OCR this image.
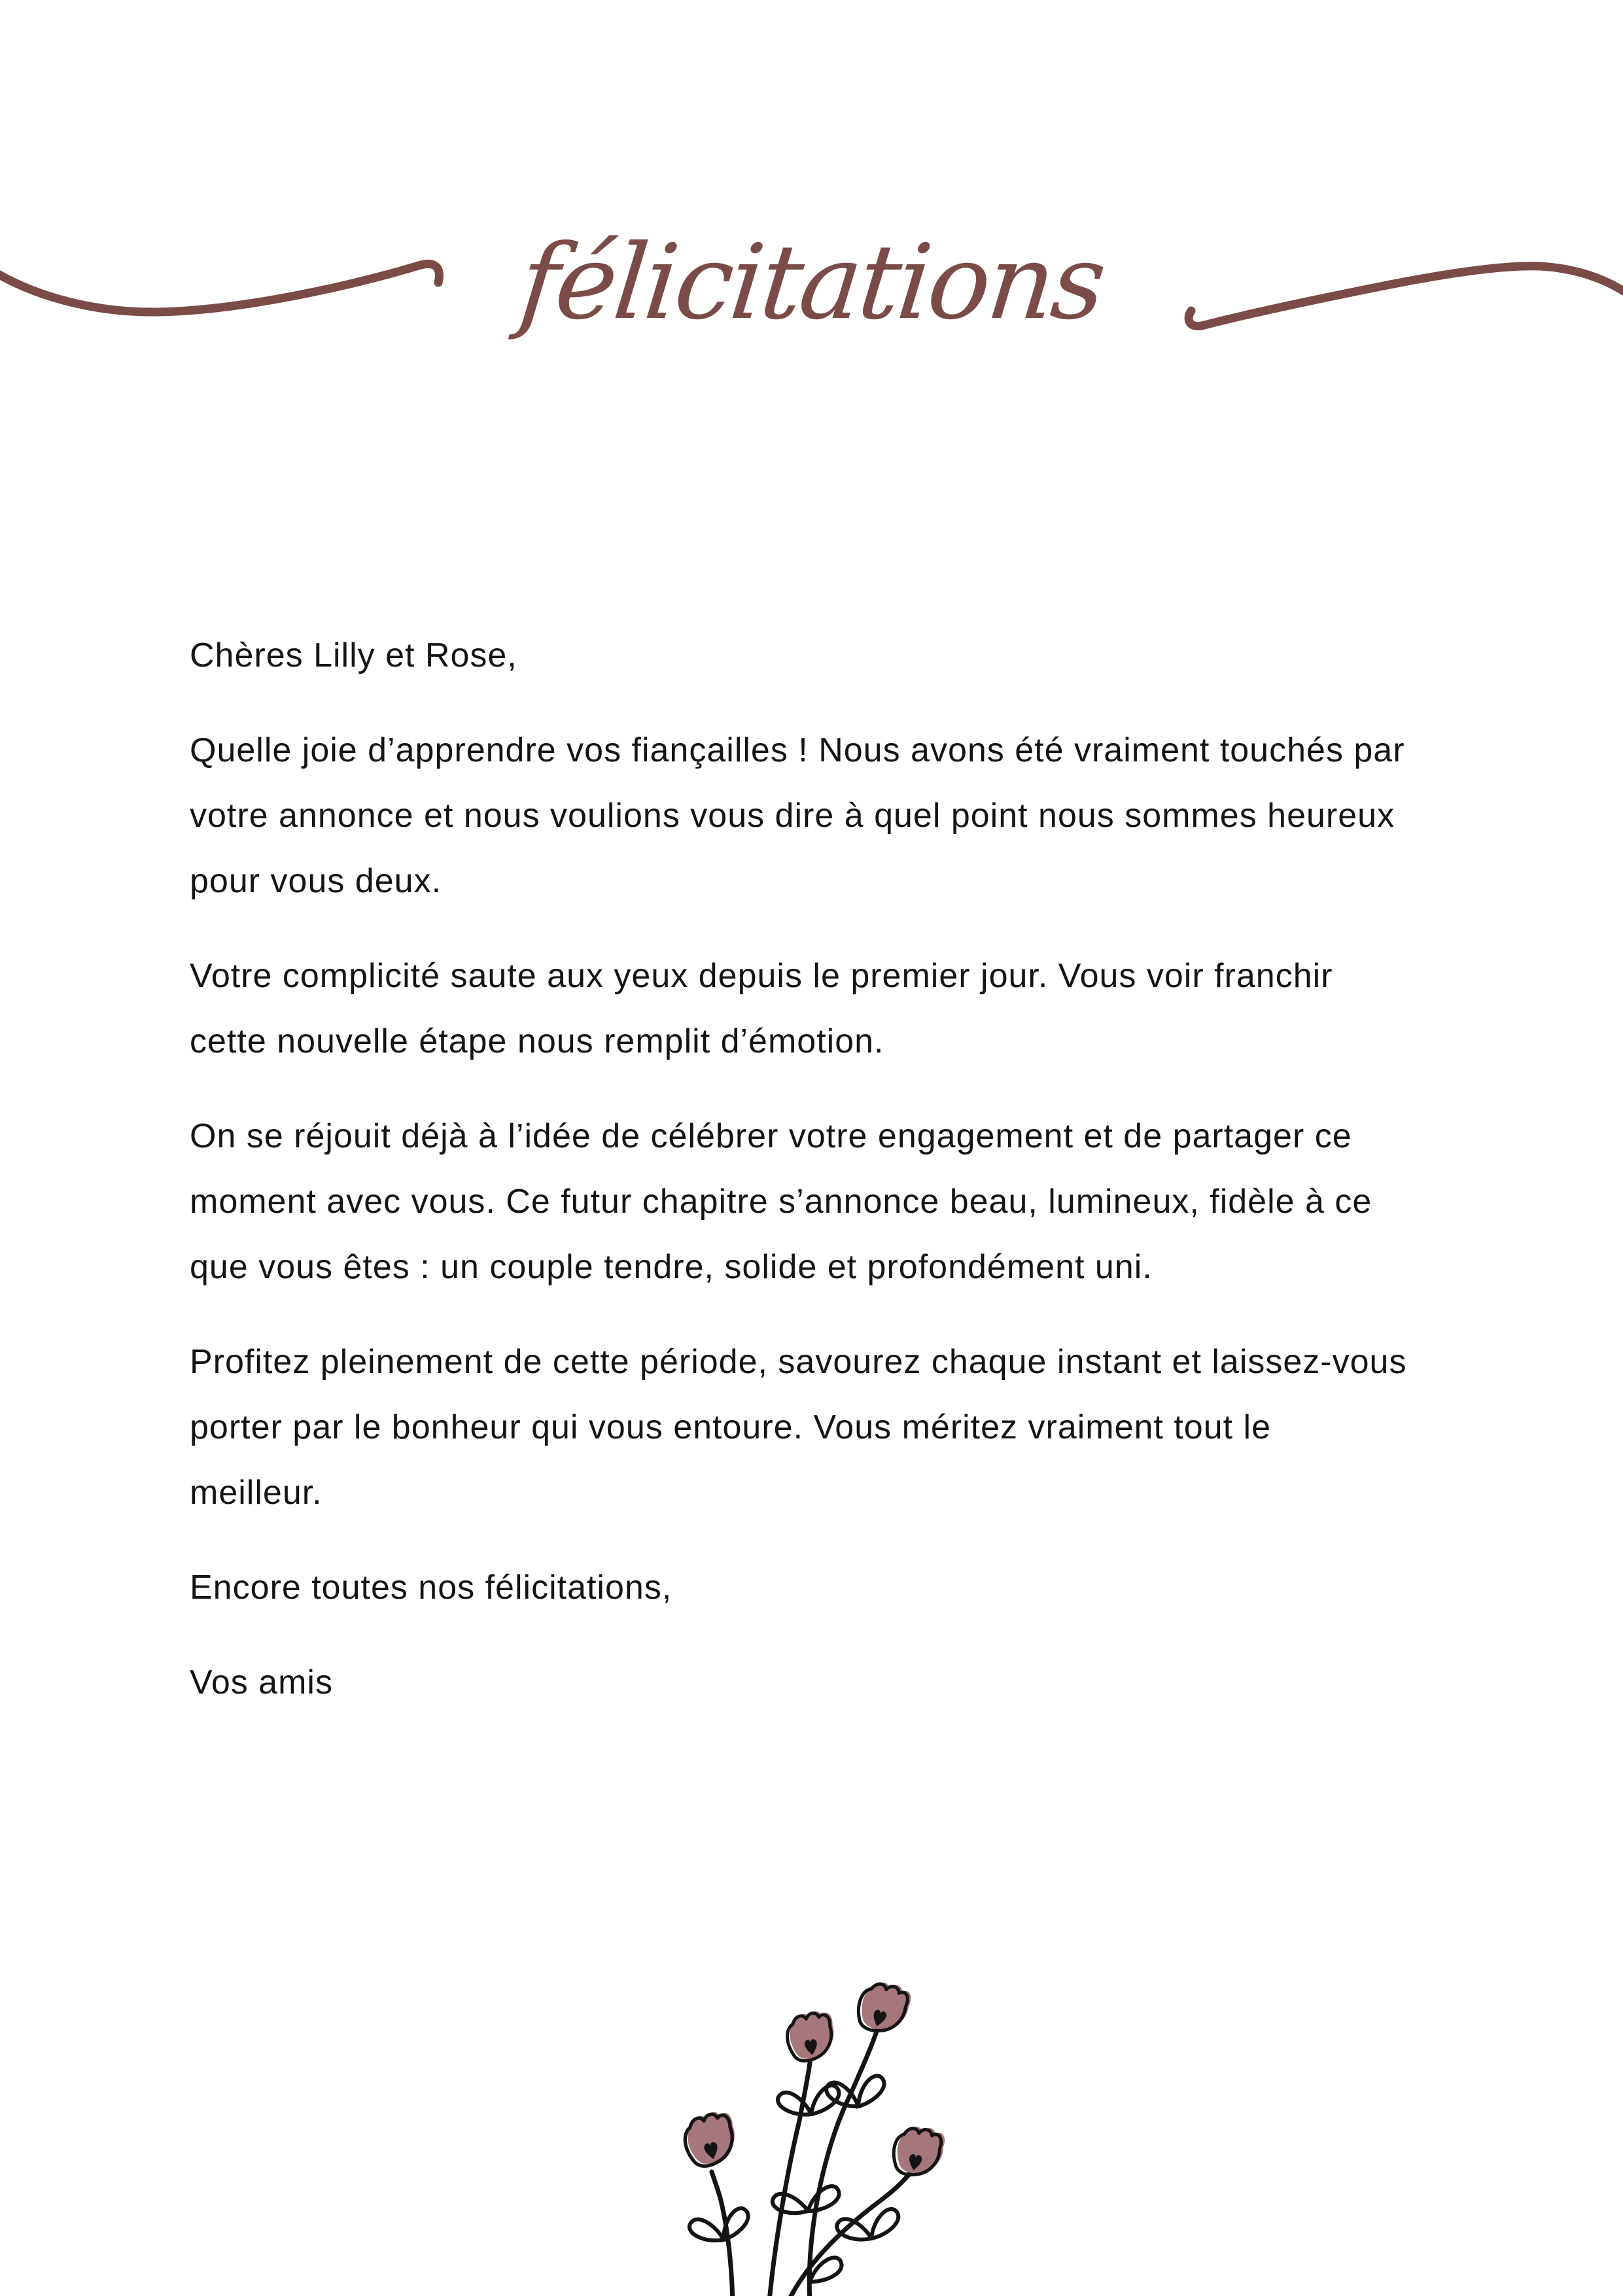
félicitations
Chères Lilly et Rose,
Quelle joie d’apprendre vos fiançailles ! Nous avons été vraiment touchés par
votre annonce et nous voulions vous dire à quel point nous sommes heureux
pour vous deux.
Votre complicité saute aux yeux depuis le premier jour. Vous voir franchir
cette nouvelle étape nous remplit d’émotion.
On se réjouit déjà à l’idée de célébrer votre engagement et de partager ce
moment avec vous. Ce futur chapitre s’annonce beau, lumineux, fidèle à ce
que vous êtes : un couple tendre, solide et profondément uni.
Profitez pleinement de cette période, savourez chaque instant et laissez-vous
porter par le bonheur qui vous entoure. Vous méritez vraiment tout le
meilleur.
Encore toutes nos félicitations,
Vos amis
